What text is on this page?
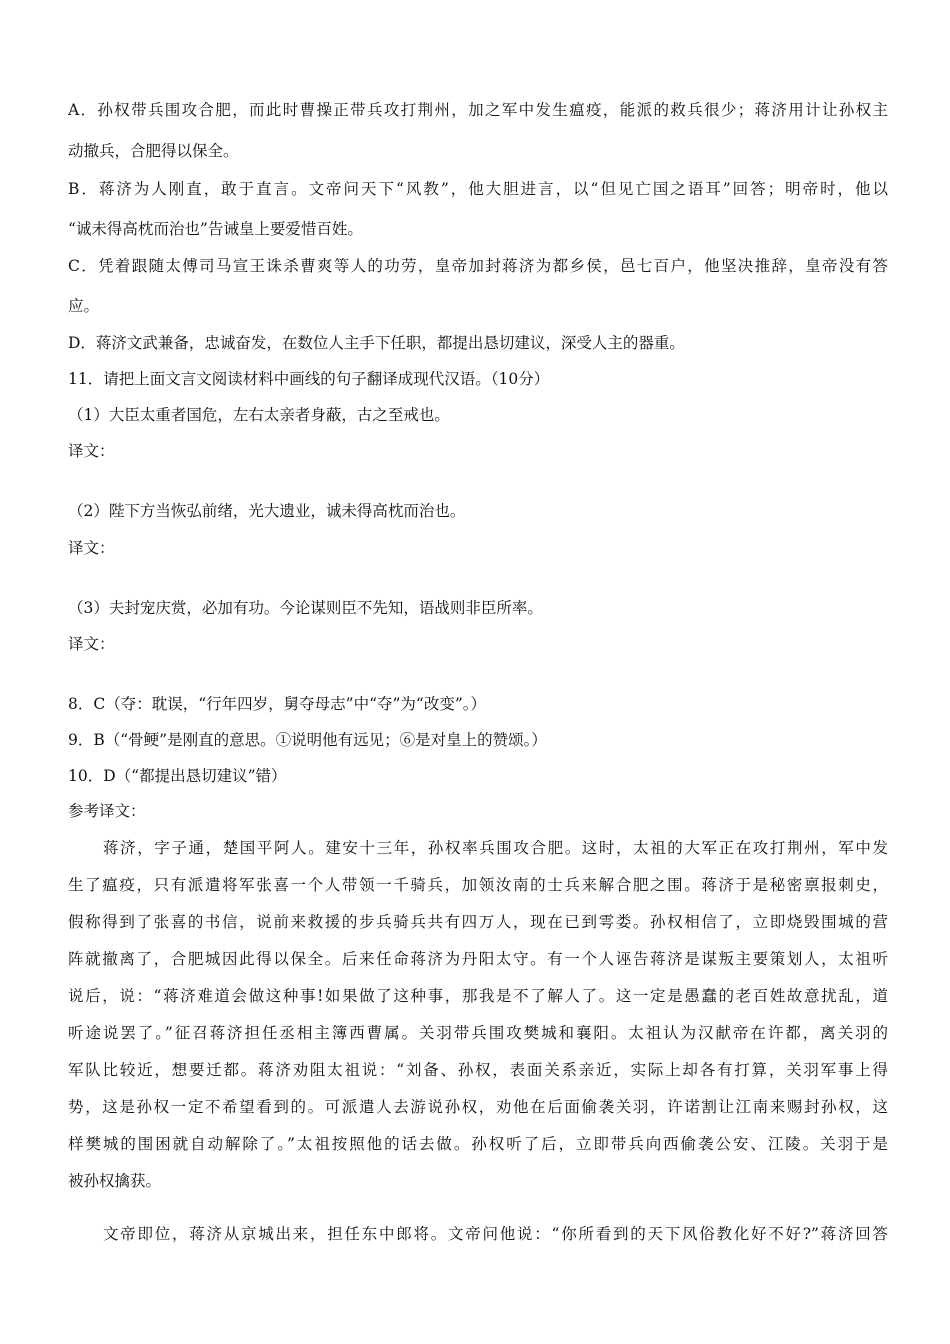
A．孙权带兵围攻合肥，而此时曹操正带兵攻打荆州，加之军中发生瘟疫，能派的救兵很少；蒋济用计让孙权主
动撤兵，合肥得以保全。
B．蒋济为人刚直，敢于直言。文帝问天下“风教”，他大胆进言，以“但见亡国之语耳”回答；明帝时，他以
“诚未得高枕而治也”告诫皇上要爱惜百姓。
C．凭着跟随太傅司马宣王诛杀曹爽等人的功劳，皇帝加封蒋济为都乡侯，邑七百户，他坚决推辞，皇帝没有答
应。
D．蒋济文武兼备，忠诚奋发，在数位人主手下任职，都提出恳切建议，深受人主的器重。
11．请把上面文言文阅读材料中画线的句子翻译成现代汉语。（10分）
（1）大臣太重者国危，左右太亲者身蔽，古之至戒也。
译文：
（2）陛下方当恢弘前绪，光大遗业，诚未得高枕而治也。
译文：
（3）夫封宠庆赏，必加有功。今论谋则臣不先知，语战则非臣所率。
译文：
8．C（夺：耽误，“行年四岁，舅夺母志”中“夺”为“改变”。）
9．B（“骨鲠”是刚直的意思。①说明他有远见；⑥是对皇上的赞颂。）
10．D（“都提出恳切建议”错）
参考译文：
蒋济，字子通，楚国平阿人。建安十三年，孙权率兵围攻合肥。这时，太祖的大军正在攻打荆州，军中发
生了瘟疫，只有派遣将军张喜一个人带领一千骑兵，加领汝南的士兵来解合肥之围。蒋济于是秘密禀报刺史，
假称得到了张喜的书信，说前来救援的步兵骑兵共有四万人，现在已到雩娄。孙权相信了，立即烧毁围城的营
阵就撤离了，合肥城因此得以保全。后来任命蒋济为丹阳太守。有一个人诬告蒋济是谋叛主要策划人，太祖听
说后，说：“蒋济难道会做这种事!如果做了这种事，那我是不了解人了。这一定是愚蠢的老百姓故意扰乱，道
听途说罢了。”征召蒋济担任丞相主簿西曹属。关羽带兵围攻樊城和襄阳。太祖认为汉献帝在许都，离关羽的
军队比较近，想要迁都。蒋济劝阻太祖说：“刘备、孙权，表面关系亲近，实际上却各有打算，关羽军事上得
势，这是孙权一定不希望看到的。可派遣人去游说孙权，劝他在后面偷袭关羽，许诺割让江南来赐封孙权，这
样樊城的围困就自动解除了。”太祖按照他的话去做。孙权听了后，立即带兵向西偷袭公安、江陵。关羽于是
被孙权擒获。
文帝即位，蒋济从京城出来，担任东中郎将。文帝问他说：“你所看到的天下风俗教化好不好?”蒋济回答
